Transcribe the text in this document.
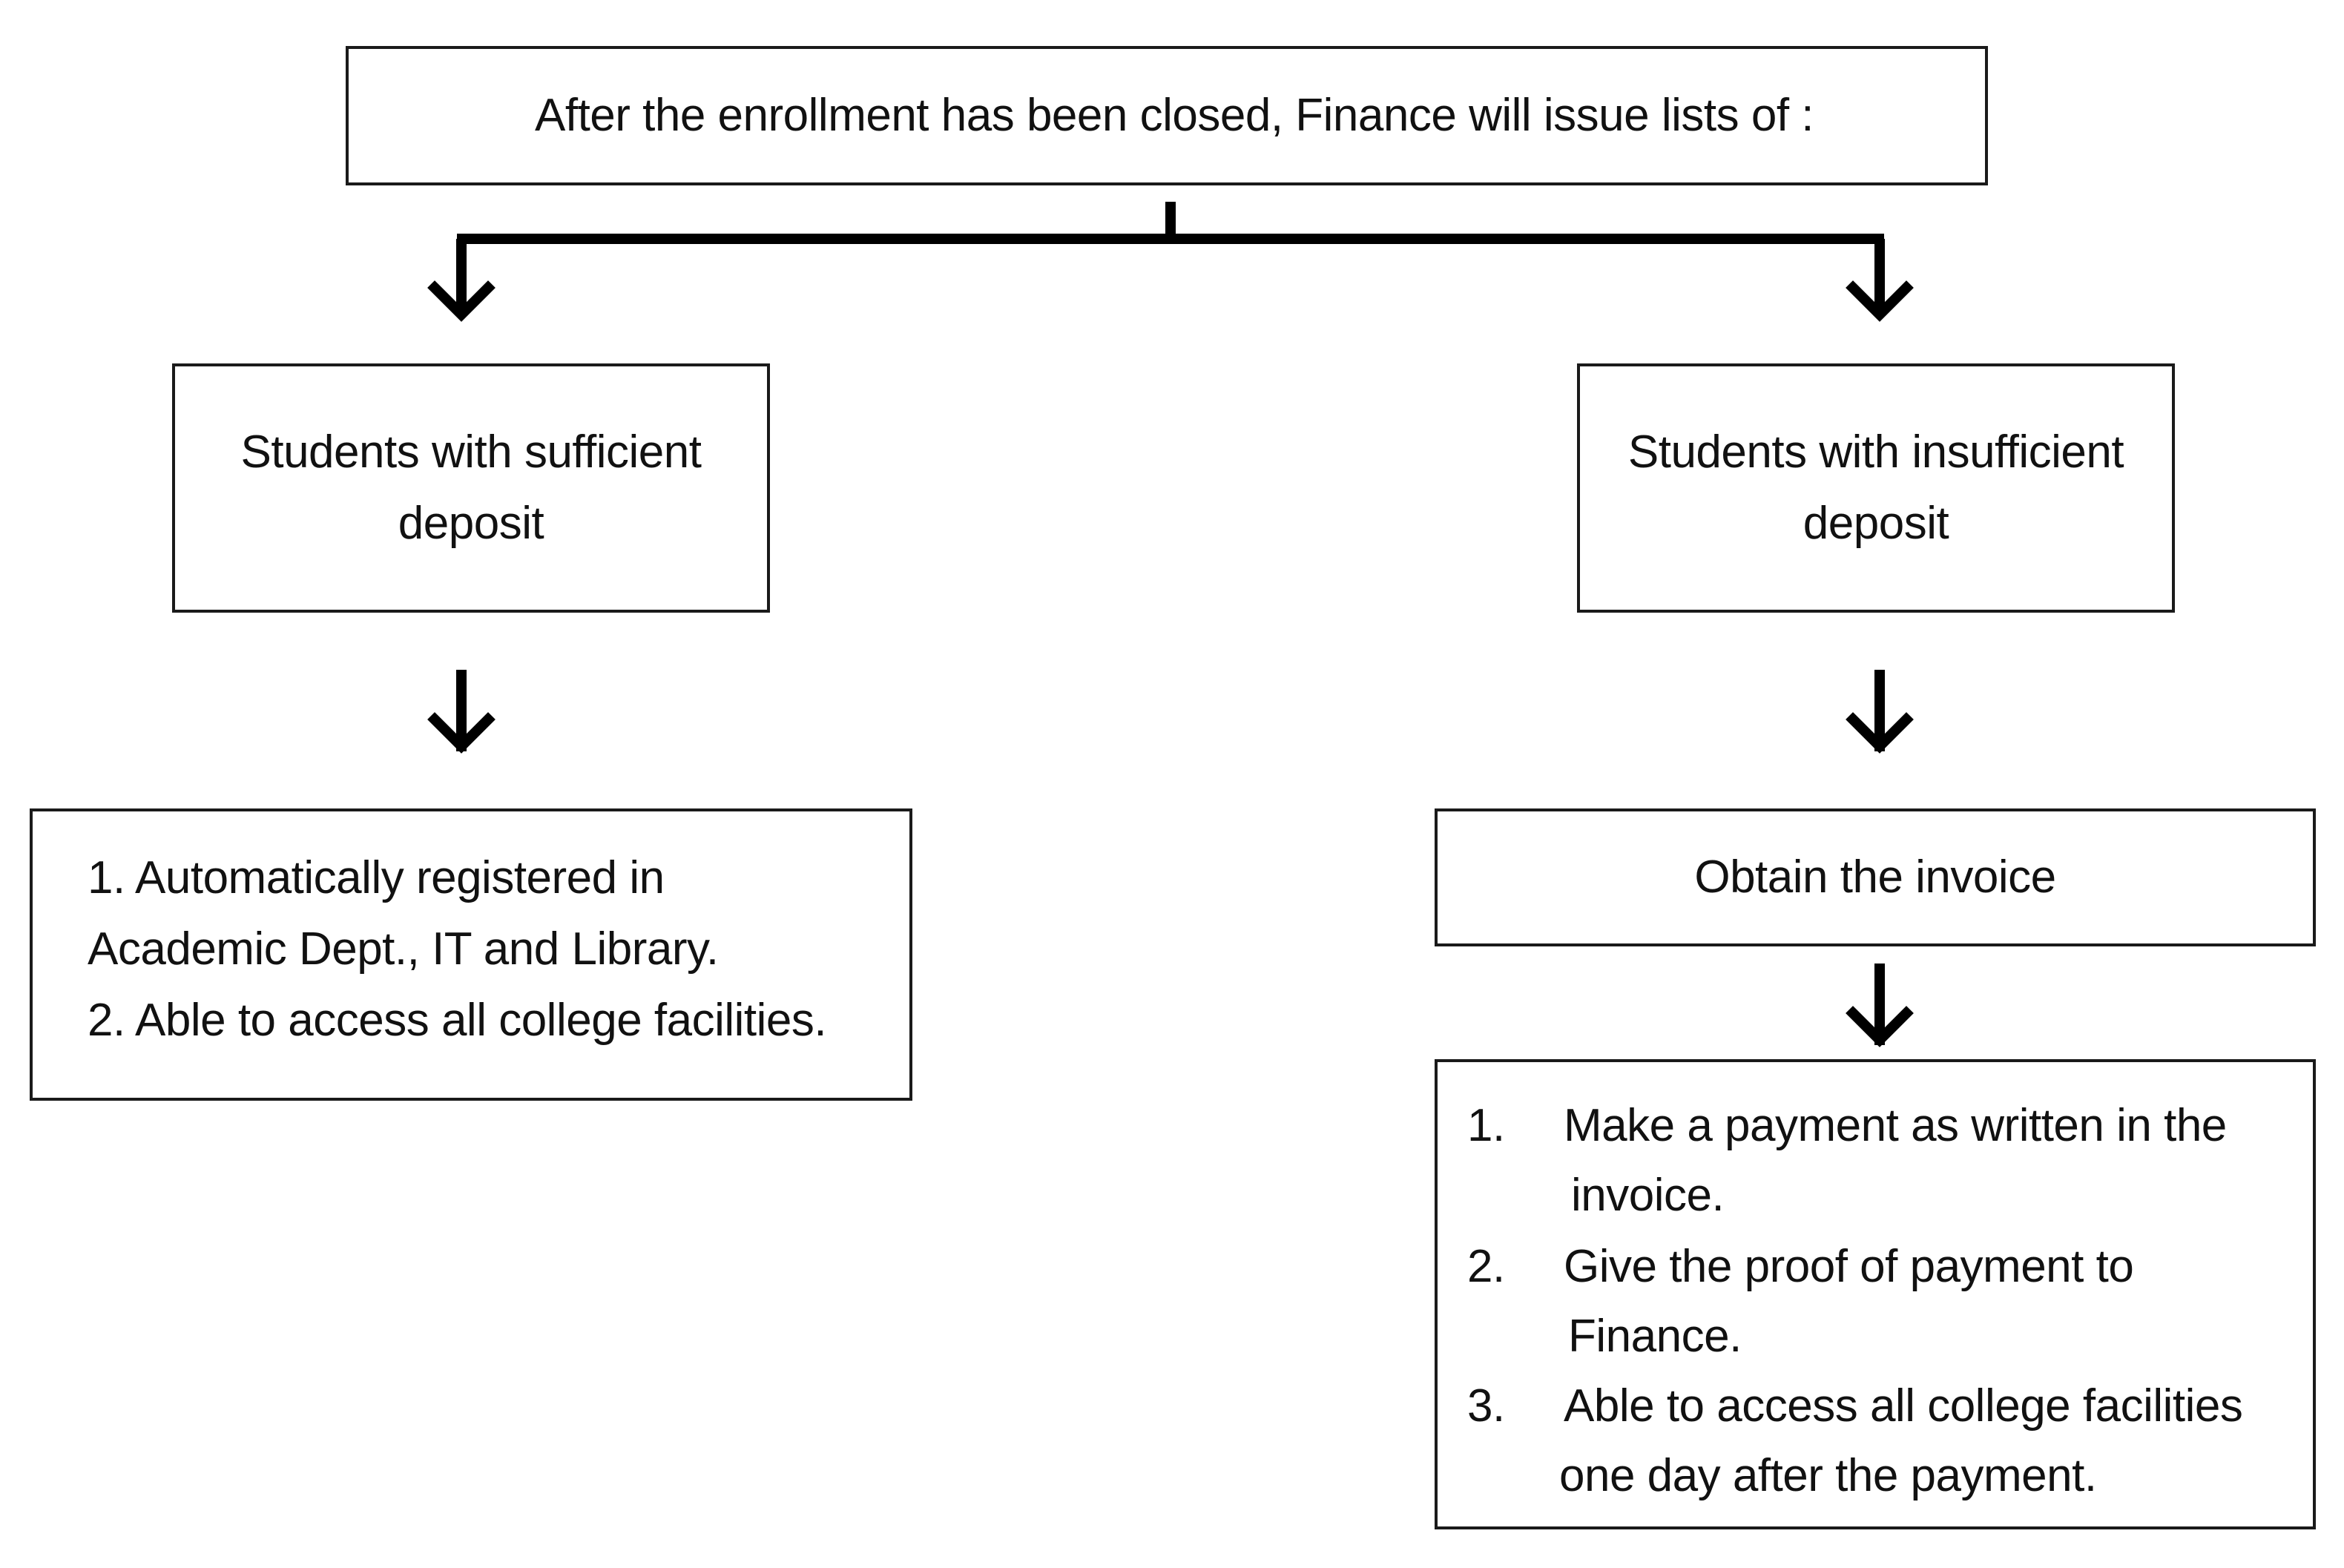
After the enrollment has been closed, Finance will issue lists of :
Students with sufficient
deposit
Students with insufficient
deposit
1. Automatically registered in
Academic Dept., IT and Library.
2. Able to access all college facilities.
Obtain the invoice
1. Make a payment as written in the
invoice.
2. Give the proof of payment to
Finance.
3. Able to access all college facilities
one day after the payment.
